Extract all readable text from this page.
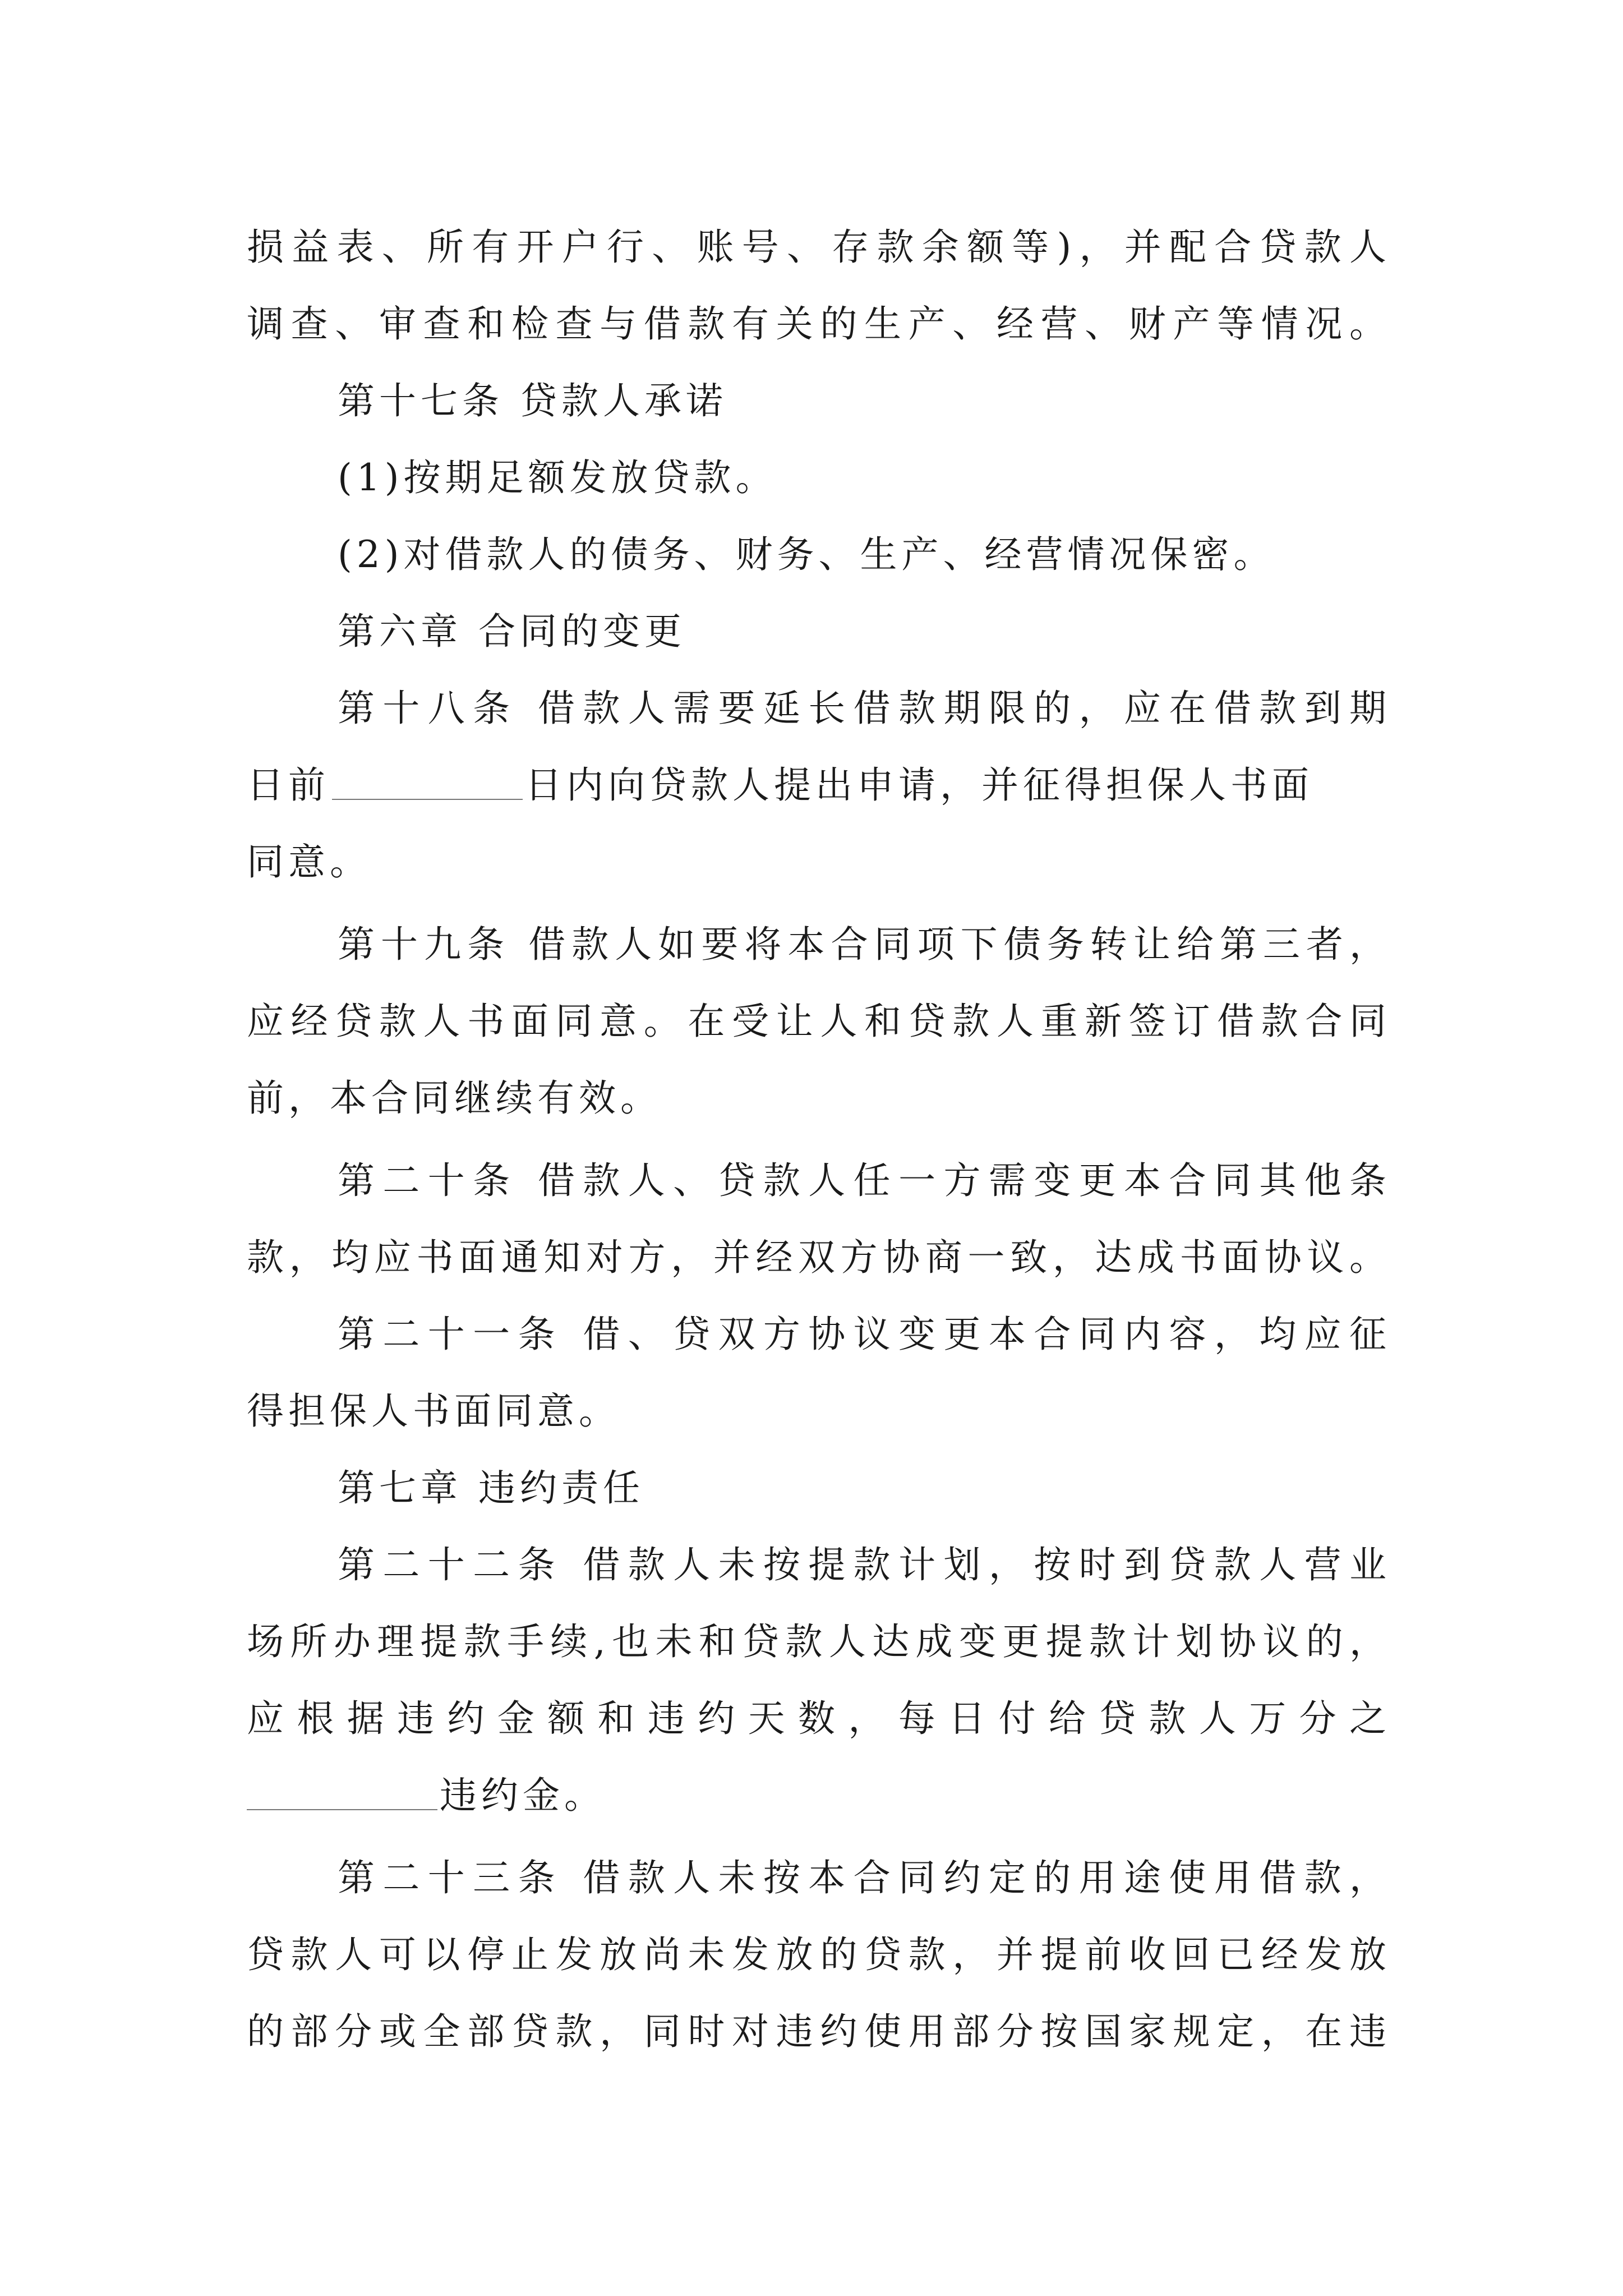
损益表、所有开户行、账号、存款余额等)，并配合贷款人
调查、审查和检查与借款有关的生产、经营、财产等情况。
第十七条 贷款人承诺
(1)按期足额发放贷款。
(2)对借款人的债务、财务、生产、经营情况保密。
第六章 合同的变更
第十八条 借款人需要延长借款期限的，应在借款到期
日前	日内向贷款人提出申请，并征得担保人书面
同意。
第十九条 借款人如要将本合同项下债务转让给第三者，
应经贷款人书面同意。在受让人和贷款人重新签订借款合同
前，本合同继续有效。
第二十条 借款人、贷款人任一方需变更本合同其他条
款，均应书面通知对方，并经双方协商一致，达成书面协议。
第二十一条 借、贷双方协议变更本合同内容，均应征
得担保人书面同意。
第七章 违约责任
第二十二条 借款人未按提款计划，按时到贷款人营业
场所办理提款手续,也未和贷款人达成变更提款计划协议的，
应根据违约金额和违约天数，每日付给贷款人万分之
违约金。
第二十三条 借款人未按本合同约定的用途使用借款，
贷款人可以停止发放尚未发放的贷款，并提前收回已经发放
的部分或全部贷款，同时对违约使用部分按国家规定，在违
